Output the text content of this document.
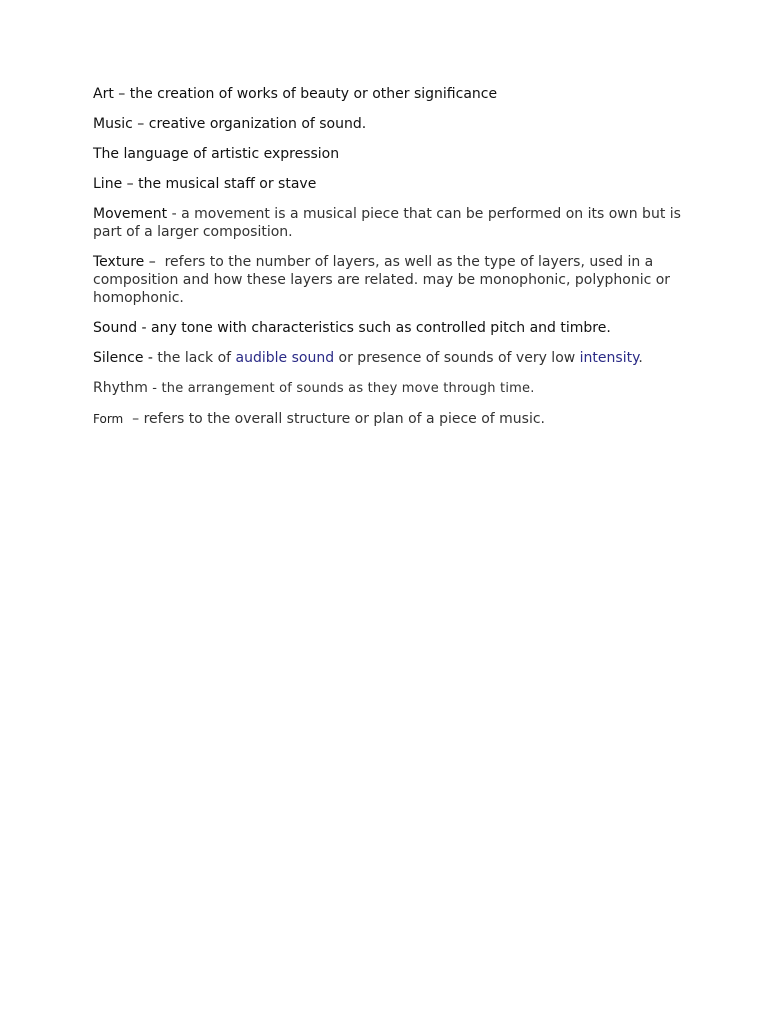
Art – the creation of works of beauty or other significance

Music – creative organization of sound.

The language of artistic expression

Line – the musical staff or stave

Movement - a movement is a musical piece that can be performed on its own but is part of a larger composition.

Texture –  refers to the number of layers, as well as the type of layers, used in a composition and how these layers are related. may be monophonic, polyphonic or homophonic.

Sound - any tone with characteristics such as controlled pitch and timbre.

Silence - the lack of audible sound or presence of sounds of very low intensity.

Rhythm - the arrangement of sounds as they move through time.

Form  – refers to the overall structure or plan of a piece of music.
